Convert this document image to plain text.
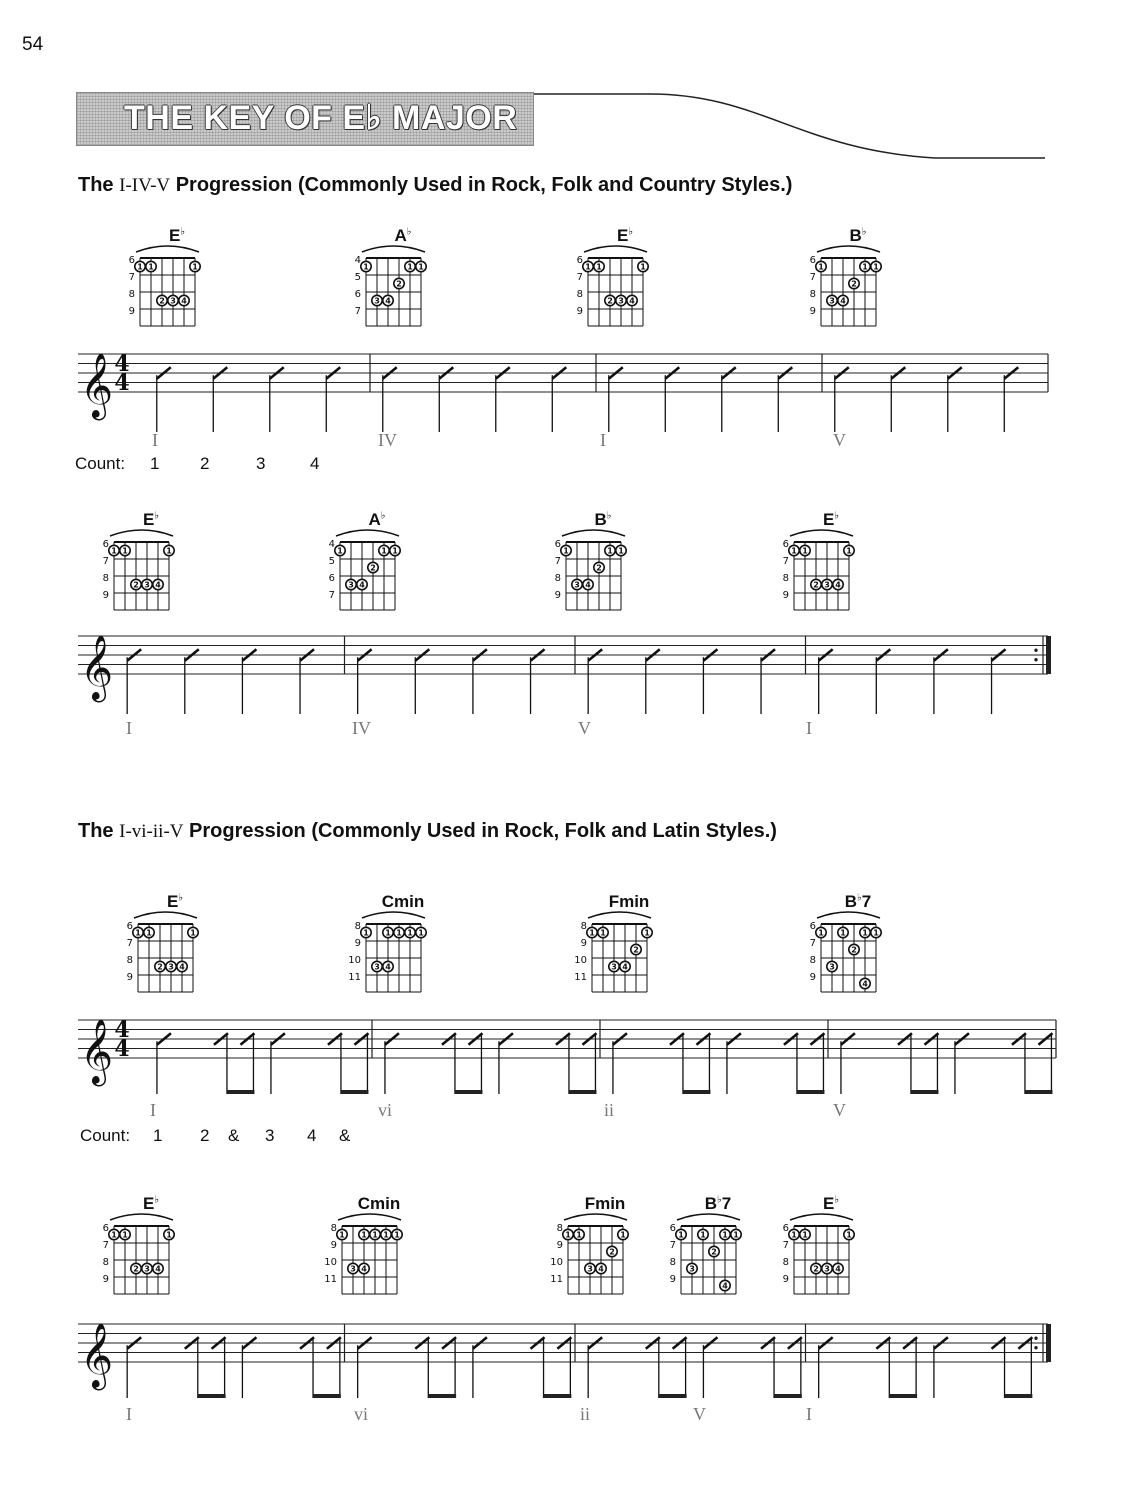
54
THE KEY OF E♭ MAJOR
The I-IV-V Progression (Commonly Used in Rock, Folk and Country Styles.)
The I-vi-ii-V Progression (Commonly Used in Rock, Folk and Latin Styles.)
E♭
6
7
8
9
1 1	1
2 3 4
A♭
4
5
6
7
1	1 1
2
3 4
E♭
6
7
8
9
1 1	1
2 3 4
B♭
6
7
8
9
1	1 1
2
3 4
𝄞 4
4
I	IV	I	V
Count: 1 2	3	4
E♭
6
7
8
9
1 1	1
2 3 4
A♭
4
5
6
7
1	1 1
2
3 4
B♭
6
7
8
9
1	1 1
2
3 4
E♭
6
7
8
9
1 1	1
2 3 4
𝄞
I	IV	V	I
E♭
6
7
8
9
1 1	1
2 3 4
Cmin
8
9
10
11
1 1 1 1
3 4
1
Fmin
8
9
10
11
1 1	1
2
3 4
B♭7
6
7
8
9
1 1 1 1
2
3
4
𝄞 4
4
I	vi	ii	V
Count: 1 2 & 3 4 &
E♭
6
7
8
9
1 1	1
2 3 4
Cmin
8
9
10
11
1 1 1 1
3 4
1
Fmin
8
9
10
11
1 1	1
2
3 4
B♭7
6
7
8
9
1 1 1 1
2
3
4
E♭
6
7
8
9
1 1	1
2 3 4
𝄞
I	vi	ii	V	I
